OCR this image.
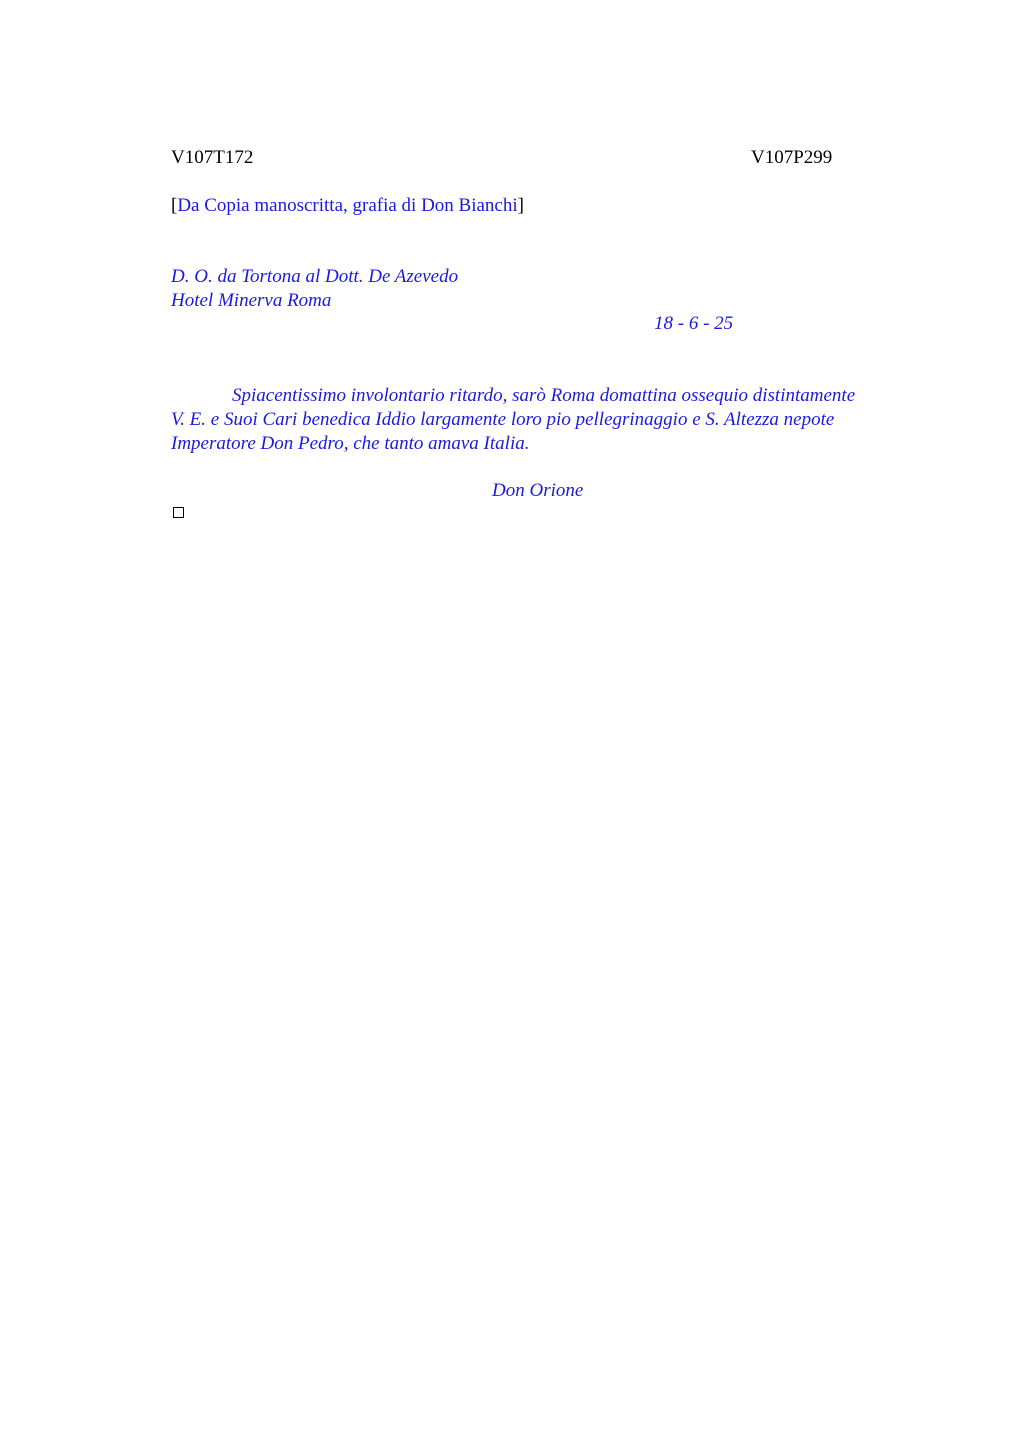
V107T172	V107P299
[Da Copia manoscritta, grafia di Don Bianchi]
D. O. da Tortona al Dott. De Azevedo
Hotel Minerva Roma
18 - 6 - 25
Spiacentissimo involontario ritardo, sarò Roma domattina ossequio distintamente
V. E. e Suoi Cari benedica Iddio largamente loro pio pellegrinaggio e S. Altezza nepote
Imperatore Don Pedro, che tanto amava Italia.
Don Orione
